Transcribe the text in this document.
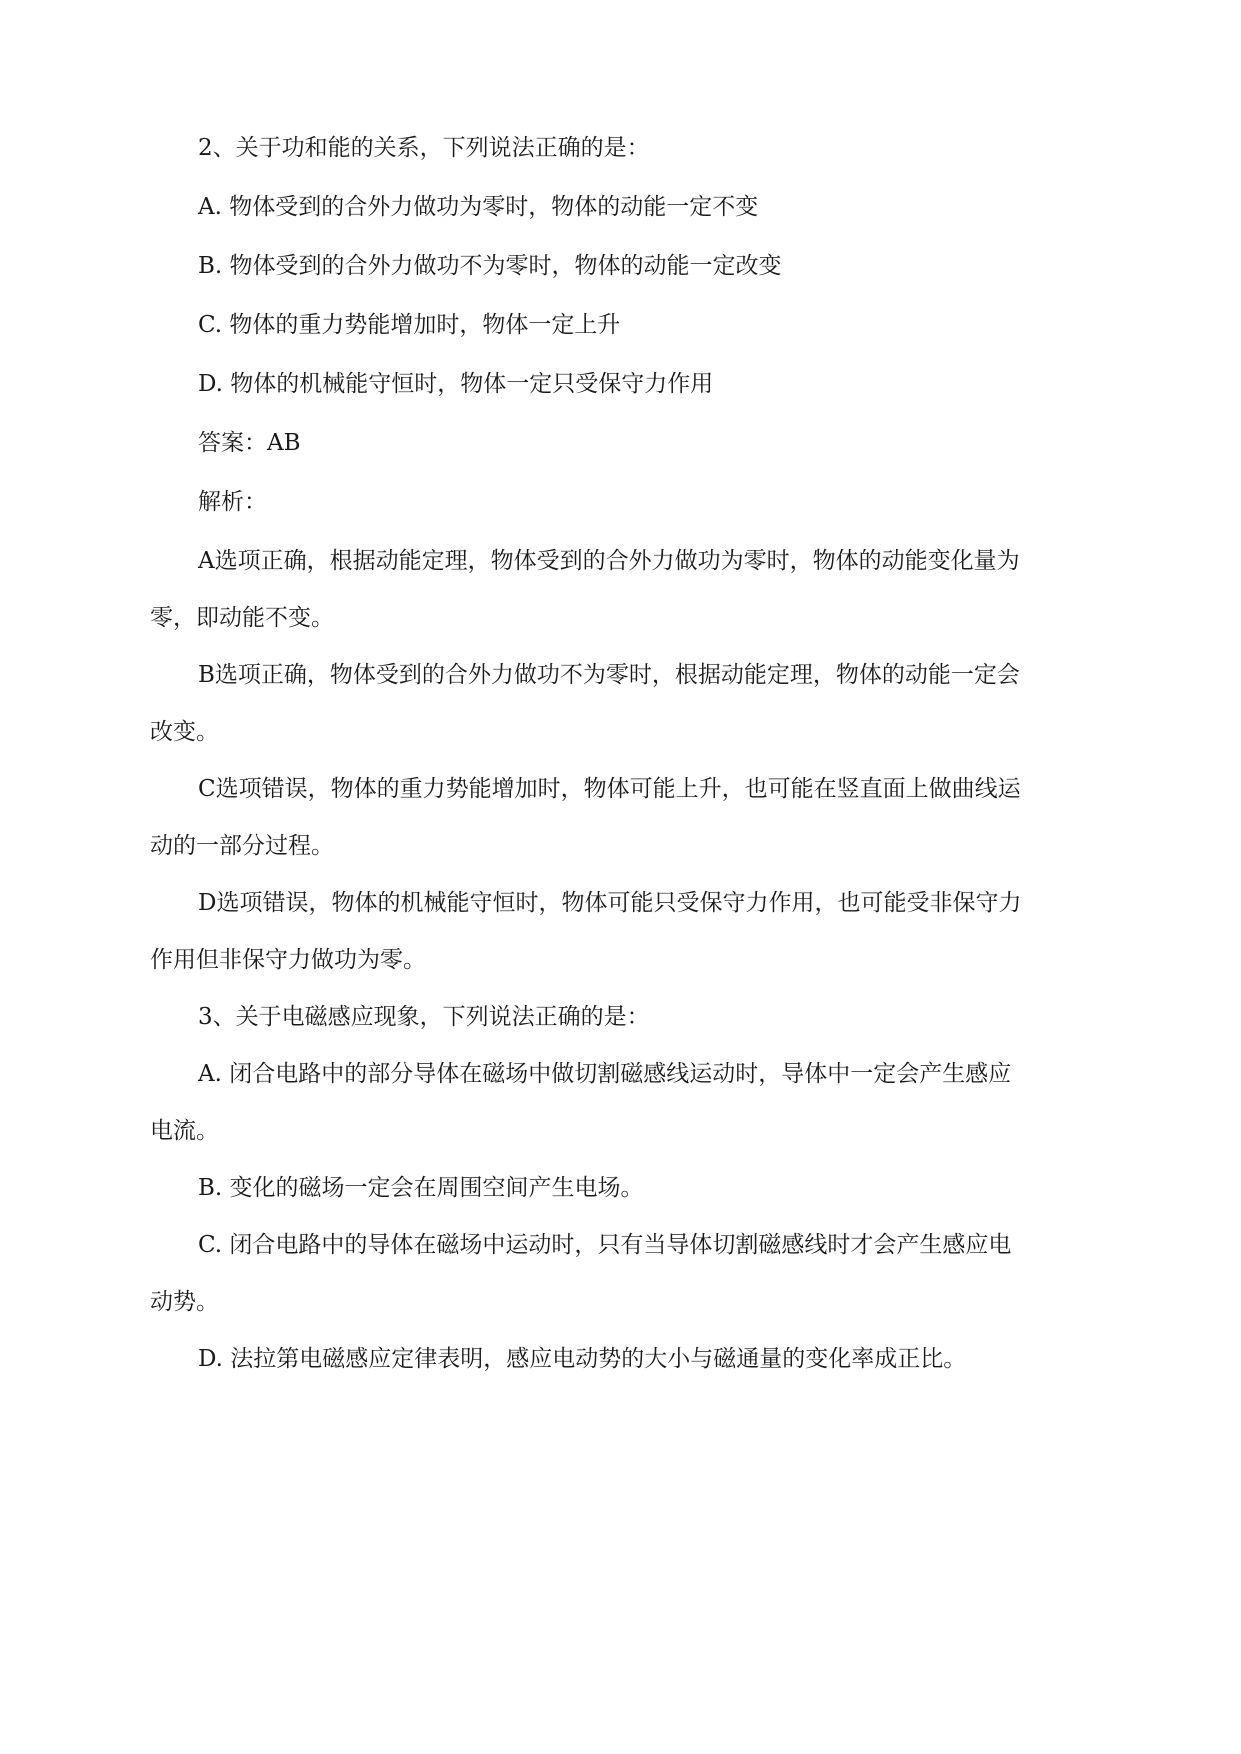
2、关于功和能的关系，下列说法正确的是：

A. 物体受到的合外力做功为零时，物体的动能一定不变

B. 物体受到的合外力做功不为零时，物体的动能一定改变

C. 物体的重力势能增加时，物体一定上升

D. 物体的机械能守恒时，物体一定只受保守力作用

答案：AB

解析：

A选项正确，根据动能定理，物体受到的合外力做功为零时，物体的动能变化量为

零，即动能不变。

B选项正确，物体受到的合外力做功不为零时，根据动能定理，物体的动能一定会

改变。

C选项错误，物体的重力势能增加时，物体可能上升，也可能在竖直面上做曲线运

动的一部分过程。

D选项错误，物体的机械能守恒时，物体可能只受保守力作用，也可能受非保守力

作用但非保守力做功为零。

3、关于电磁感应现象，下列说法正确的是：

A. 闭合电路中的部分导体在磁场中做切割磁感线运动时，导体中一定会产生感应

电流。

B. 变化的磁场一定会在周围空间产生电场。

C. 闭合电路中的导体在磁场中运动时，只有当导体切割磁感线时才会产生感应电

动势。

D. 法拉第电磁感应定律表明，感应电动势的大小与磁通量的变化率成正比。
